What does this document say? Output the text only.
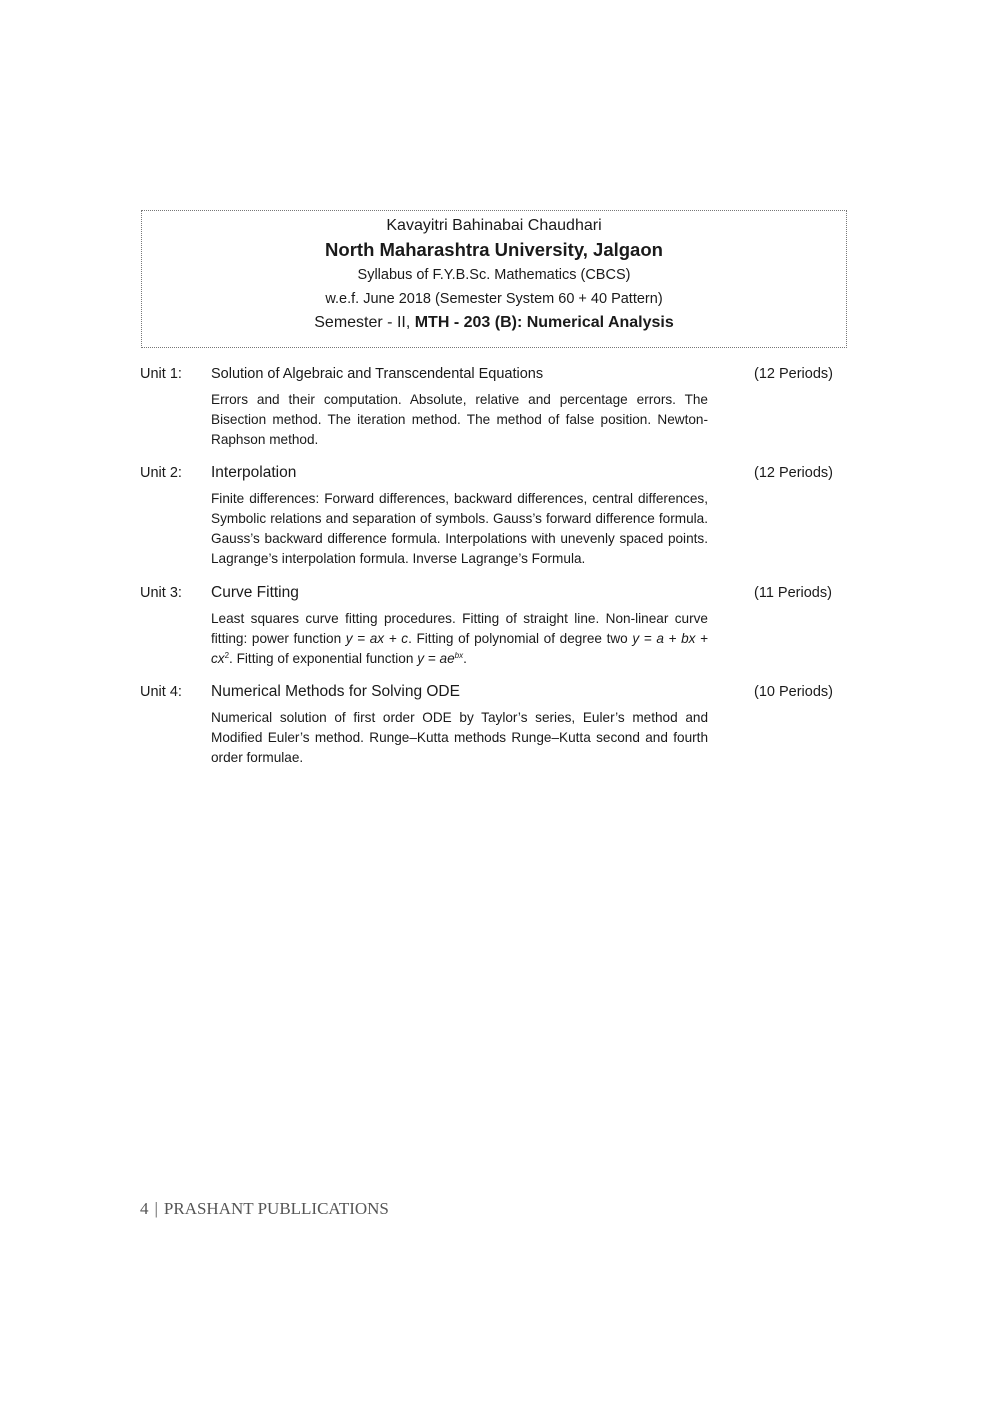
Kavayitri Bahinabai Chaudhari
North Maharashtra University, Jalgaon
Syllabus of F.Y.B.Sc. Mathematics (CBCS)
w.e.f. June 2018 (Semester System 60 + 40 Pattern)
Semester - II, MTH - 203 (B): Numerical Analysis
Unit 1: Solution of Algebraic and Transcendental Equations	(12 Periods)
Errors and their computation. Absolute, relative and percentage errors. The Bisection method. The iteration method. The method of false position. Newton-Raphson method.
Unit 2: Interpolation	(12 Periods)
Finite differences: Forward differences, backward differences, central differences, Symbolic relations and separation of symbols. Gauss’s forward difference formula. Gauss’s backward difference formula. Interpolations with unevenly spaced points. Lagrange’s interpolation formula. Inverse Lagrange’s Formula.
Unit 3: Curve Fitting	(11 Periods)
Least squares curve fitting procedures. Fitting of straight line. Non-linear curve fitting: power function y = ax + c. Fitting of polynomial of degree two y = a + bx + $cx^2$. Fitting of exponential function $y = ae^{bx}$.
Unit 4: Numerical Methods for Solving ODE	(10 Periods)
Numerical solution of first order ODE by Taylor’s series, Euler’s method and Modified Euler’s method. Runge–Kutta methods Runge–Kutta second and fourth order formulae.
4 | PRASHANT PUBLLICATIONS
